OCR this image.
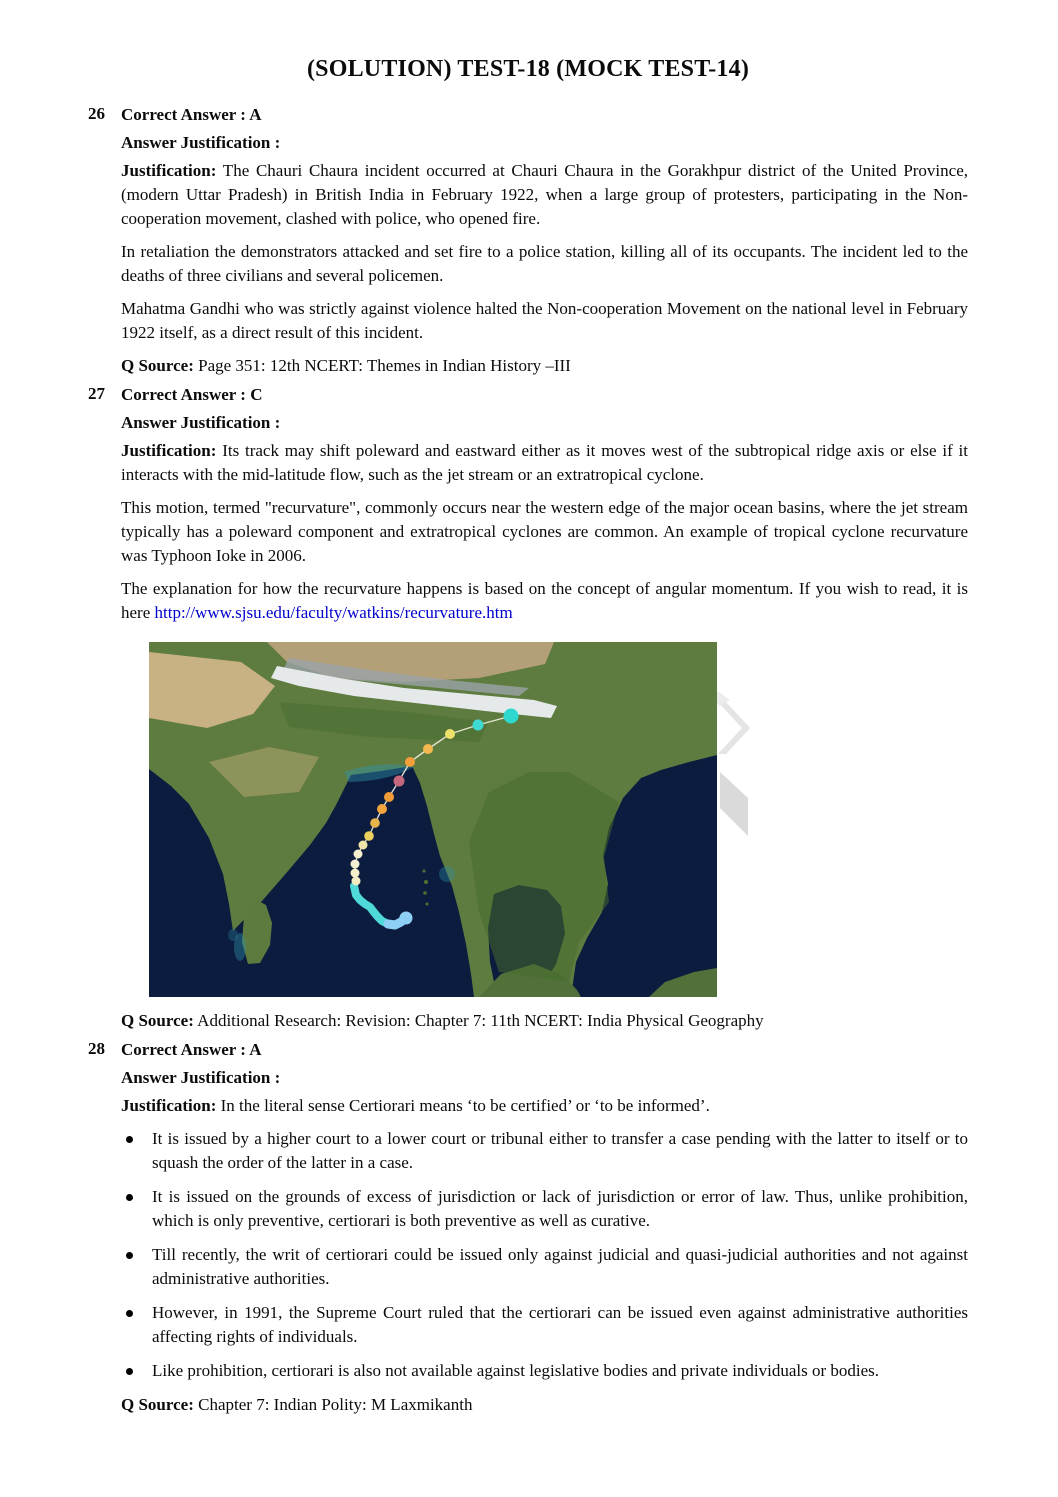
(SOLUTION) TEST-18 (MOCK TEST-14)
26 Correct Answer : A

Answer Justification :

Justification: The Chauri Chaura incident occurred at Chauri Chaura in the Gorakhpur district of the United Province, (modern Uttar Pradesh) in British India in February 1922, when a large group of protesters, participating in the Non-cooperation movement, clashed with police, who opened fire.

In retaliation the demonstrators attacked and set fire to a police station, killing all of its occupants. The incident led to the deaths of three civilians and several policemen.

Mahatma Gandhi who was strictly against violence halted the Non-cooperation Movement on the national level in February 1922 itself, as a direct result of this incident.

Q Source: Page 351: 12th NCERT: Themes in Indian History –III

27 Correct Answer : C

Answer Justification :

Justification: Its track may shift poleward and eastward either as it moves west of the subtropical ridge axis or else if it interacts with the mid-latitude flow, such as the jet stream or an extratropical cyclone.

This motion, termed "recurvature", commonly occurs near the western edge of the major ocean basins, where the jet stream typically has a poleward component and extratropical cyclones are common. An example of tropical cyclone recurvature was Typhoon Ioke in 2006.

The explanation for how the recurvature happens is based on the concept of angular momentum. If you wish to read, it is here http://www.sjsu.edu/faculty/watkins/recurvature.htm

Q Source: Additional Research: Revision: Chapter 7: 11th NCERT: India Physical Geography

28 Correct Answer : A

Answer Justification :

Justification: In the literal sense Certiorari means ‘to be certified’ or ‘to be informed’.

It is issued by a higher court to a lower court or tribunal either to transfer a case pending with the latter to itself or to squash the order of the latter in a case.
It is issued on the grounds of excess of jurisdiction or lack of jurisdiction or error of law. Thus, unlike prohibition, which is only preventive, certiorari is both preventive as well as curative.
Till recently, the writ of certiorari could be issued only against judicial and quasi-judicial authorities and not against administrative authorities.
However, in 1991, the Supreme Court ruled that the certiorari can be issued even against administrative authorities affecting rights of individuals.
Like prohibition, certiorari is also not available against legislative bodies and private individuals or bodies.

Q Source: Chapter 7: Indian Polity: M Laxmikanth
